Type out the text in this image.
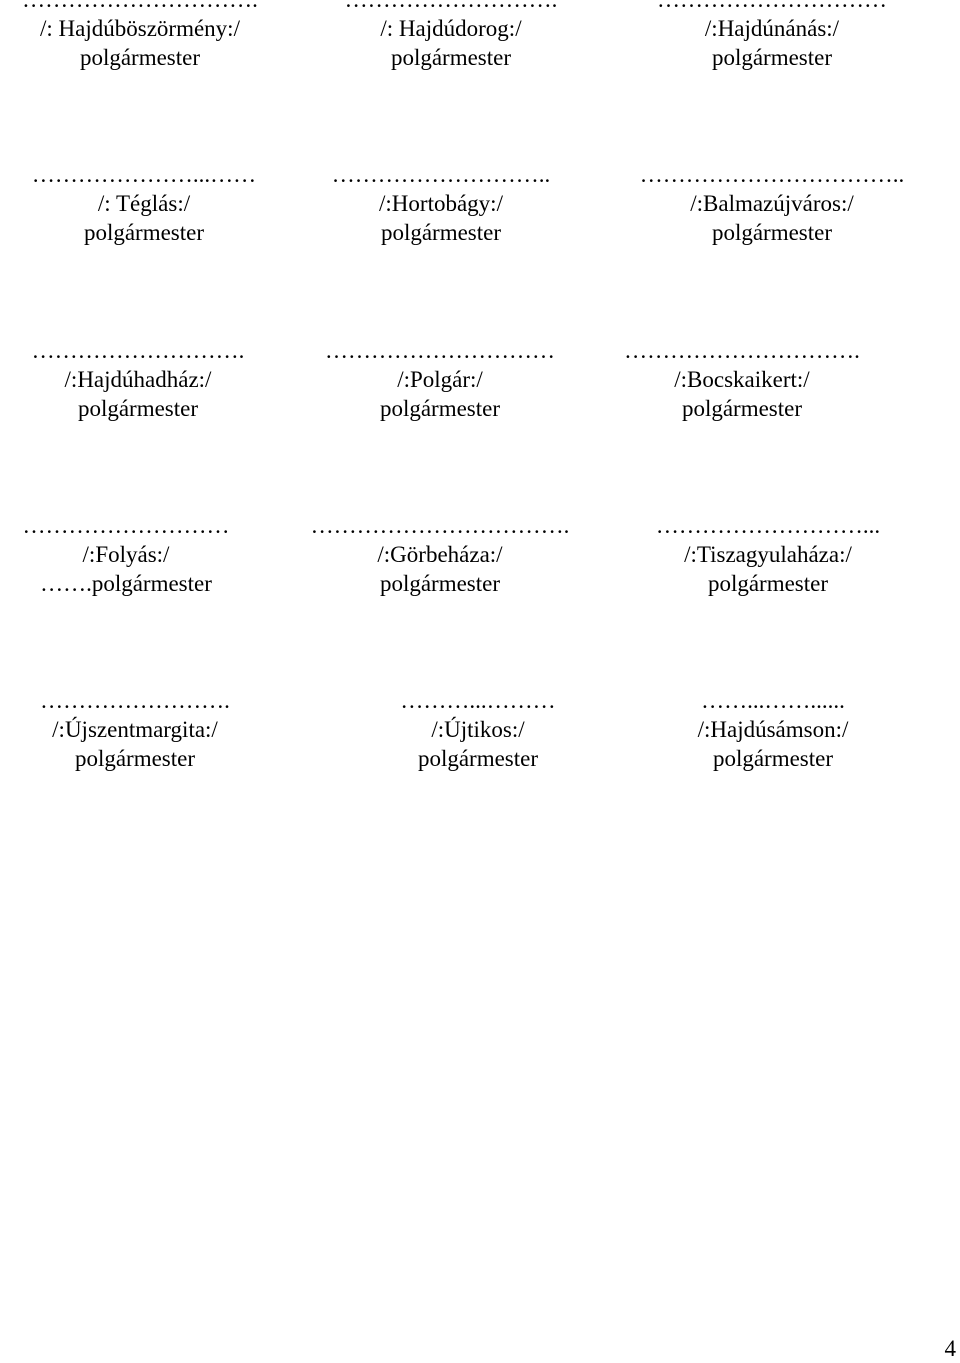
/: Hajdúböszörmény:/
polgármester
/: Hajdúdorog:/
polgármester
/:Hajdúnánás:/
polgármester
…………………...……
/: Téglás:/
polgármester
………………………..
/:Hortobágy:/
polgármester
……………………………..
/:Balmazújváros:/
polgármester
……………………….
/:Hajdúhadház:/
polgármester
…………………………
/:Polgár:/
polgármester
………………………….
/:Bocskaikert:/
polgármester
………………………
/:Folyás:/
…….polgármester
…………………………….
/:Görbeháza:/
polgármester
………………………...
/:Tiszagyulaháza:/
polgármester
…………………….
/:Újszentmargita:/
polgármester
………...………
/:Újtikos:/
polgármester
……...……......
/:Hajdúsámson:/
polgármester
4
